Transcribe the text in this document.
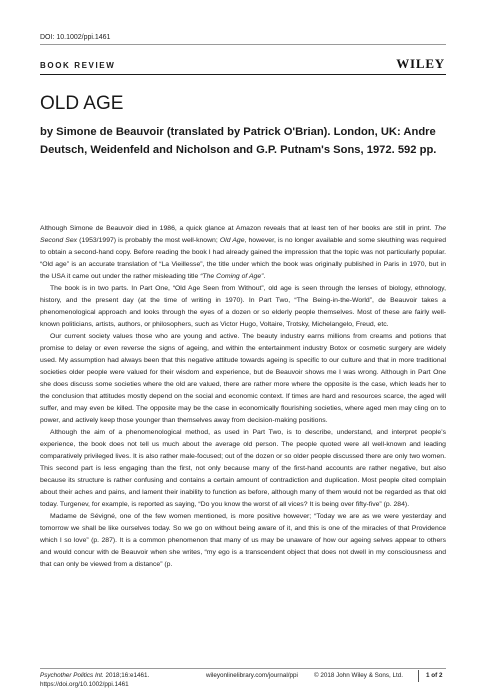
DOI: 10.1002/ppi.1461
BOOK REVIEW	WILEY
OLD AGE
by Simone de Beauvoir (translated by Patrick O'Brian). London, UK: Andre Deutsch, Weidenfeld and Nicholson and G.P. Putnam's Sons, 1972. 592 pp.

Although Simone de Beauvoir died in 1986, a quick glance at Amazon reveals that at least ten of her books are still in print. The Second Sex (1953/1997) is probably the most well-known; Old Age, however, is no longer available and some sleuthing was required to obtain a second-hand copy. Before reading the book I had already gained the impression that the topic was not particularly popular. “Old age” is an accurate translation of “La Vieillesse”, the title under which the book was originally published in Paris in 1970, but in the USA it came out under the rather misleading title “The Coming of Age”.

The book is in two parts. In Part One, “Old Age Seen from Without”, old age is seen through the lenses of biology, ethnology, history, and the present day (at the time of writing in 1970). In Part Two, “The Being-in-the-World”, de Beauvoir takes a phenomenological approach and looks through the eyes of a dozen or so elderly people themselves. Most of these are fairly well-known politicians, artists, authors, or philosophers, such as Victor Hugo, Voltaire, Trotsky, Michelangelo, Freud, etc.

Our current society values those who are young and active. The beauty industry earns millions from creams and potions that promise to delay or even reverse the signs of ageing, and within the entertainment industry Botox or cosmetic surgery are widely used. My assumption had always been that this negative attitude towards ageing is specific to our culture and that in more traditional societies older people were valued for their wisdom and experience, but de Beauvoir shows me I was wrong. Although in Part One she does discuss some societies where the old are valued, there are rather more where the opposite is the case, which leads her to the conclusion that attitudes mostly depend on the social and economic context. If times are hard and resources scarce, the aged will suffer, and may even be killed. The opposite may be the case in economically flourishing societies, where aged men may cling on to power, and actively keep those younger than themselves away from decision-making positions.

Although the aim of a phenomenological method, as used in Part Two, is to describe, understand, and interpret people’s experience, the book does not tell us much about the average old person. The people quoted were all well-known and leading comparatively privileged lives. It is also rather male-focused; out of the dozen or so older people discussed there are only two women. This second part is less engaging than the first, not only because many of the first-hand accounts are rather negative, but also because its structure is rather confusing and contains a certain amount of contradiction and duplication. Most people cited complain about their aches and pains, and lament their inability to function as before, although many of them would not be regarded as that old today. Turgenev, for example, is reported as saying, “Do you know the worst of all vices? It is being over fifty-five” (p. 284).

Madame de Sévigné, one of the few women mentioned, is more positive however; “Today we are as we were yesterday and tomorrow we shall be like ourselves today. So we go on without being aware of it, and this is one of the miracles of that Providence which I so love” (p. 287). It is a common phenomenon that many of us may be unaware of how our ageing selves appear to others and would concur with de Beauvoir when she writes, “my ego is a transcendent object that does not dwell in my consciousness and that can only be viewed from a distance” (p.

Psychother Politics Int. 2018;16:e1461.
https://doi.org/10.1002/ppi.1461
wileyonlinelibrary.com/journal/ppi	© 2018 John Wiley & Sons, Ltd.	1 of 2
